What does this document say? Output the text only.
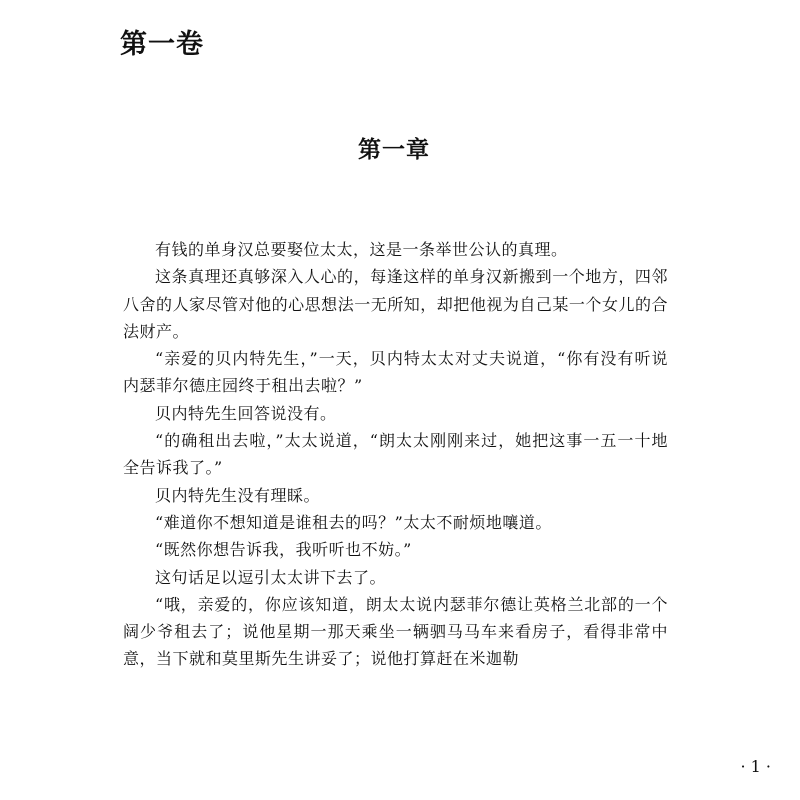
第一卷
第一章

有钱的单身汉总要娶位太太，这是一条举世公认的真理。

这条真理还真够深入人心的，每逢这样的单身汉新搬到一个地方，四邻八舍的人家尽管对他的心思想法一无所知，却把他视为自己某一个女儿的合法财产。

“亲爱的贝内特先生，”一天，贝内特太太对丈夫说道，“你有没有听说内瑟菲尔德庄园终于租出去啦？”

贝内特先生回答说没有。

“的确租出去啦，”太太说道，“朗太太刚刚来过，她把这事一五一十地全告诉我了。”

贝内特先生没有理睬。

“难道你不想知道是谁租去的吗？”太太不耐烦地嚷道。

“既然你想告诉我，我听听也不妨。”

这句话足以逗引太太讲下去了。

“哦，亲爱的，你应该知道，朗太太说内瑟菲尔德让英格兰北部的一个阔少爷租去了；说他星期一那天乘坐一辆驷马马车来看房子，看得非常中意，当下就和莫里斯先生讲妥了；说他打算赶在米迦勒

· 1 ·
